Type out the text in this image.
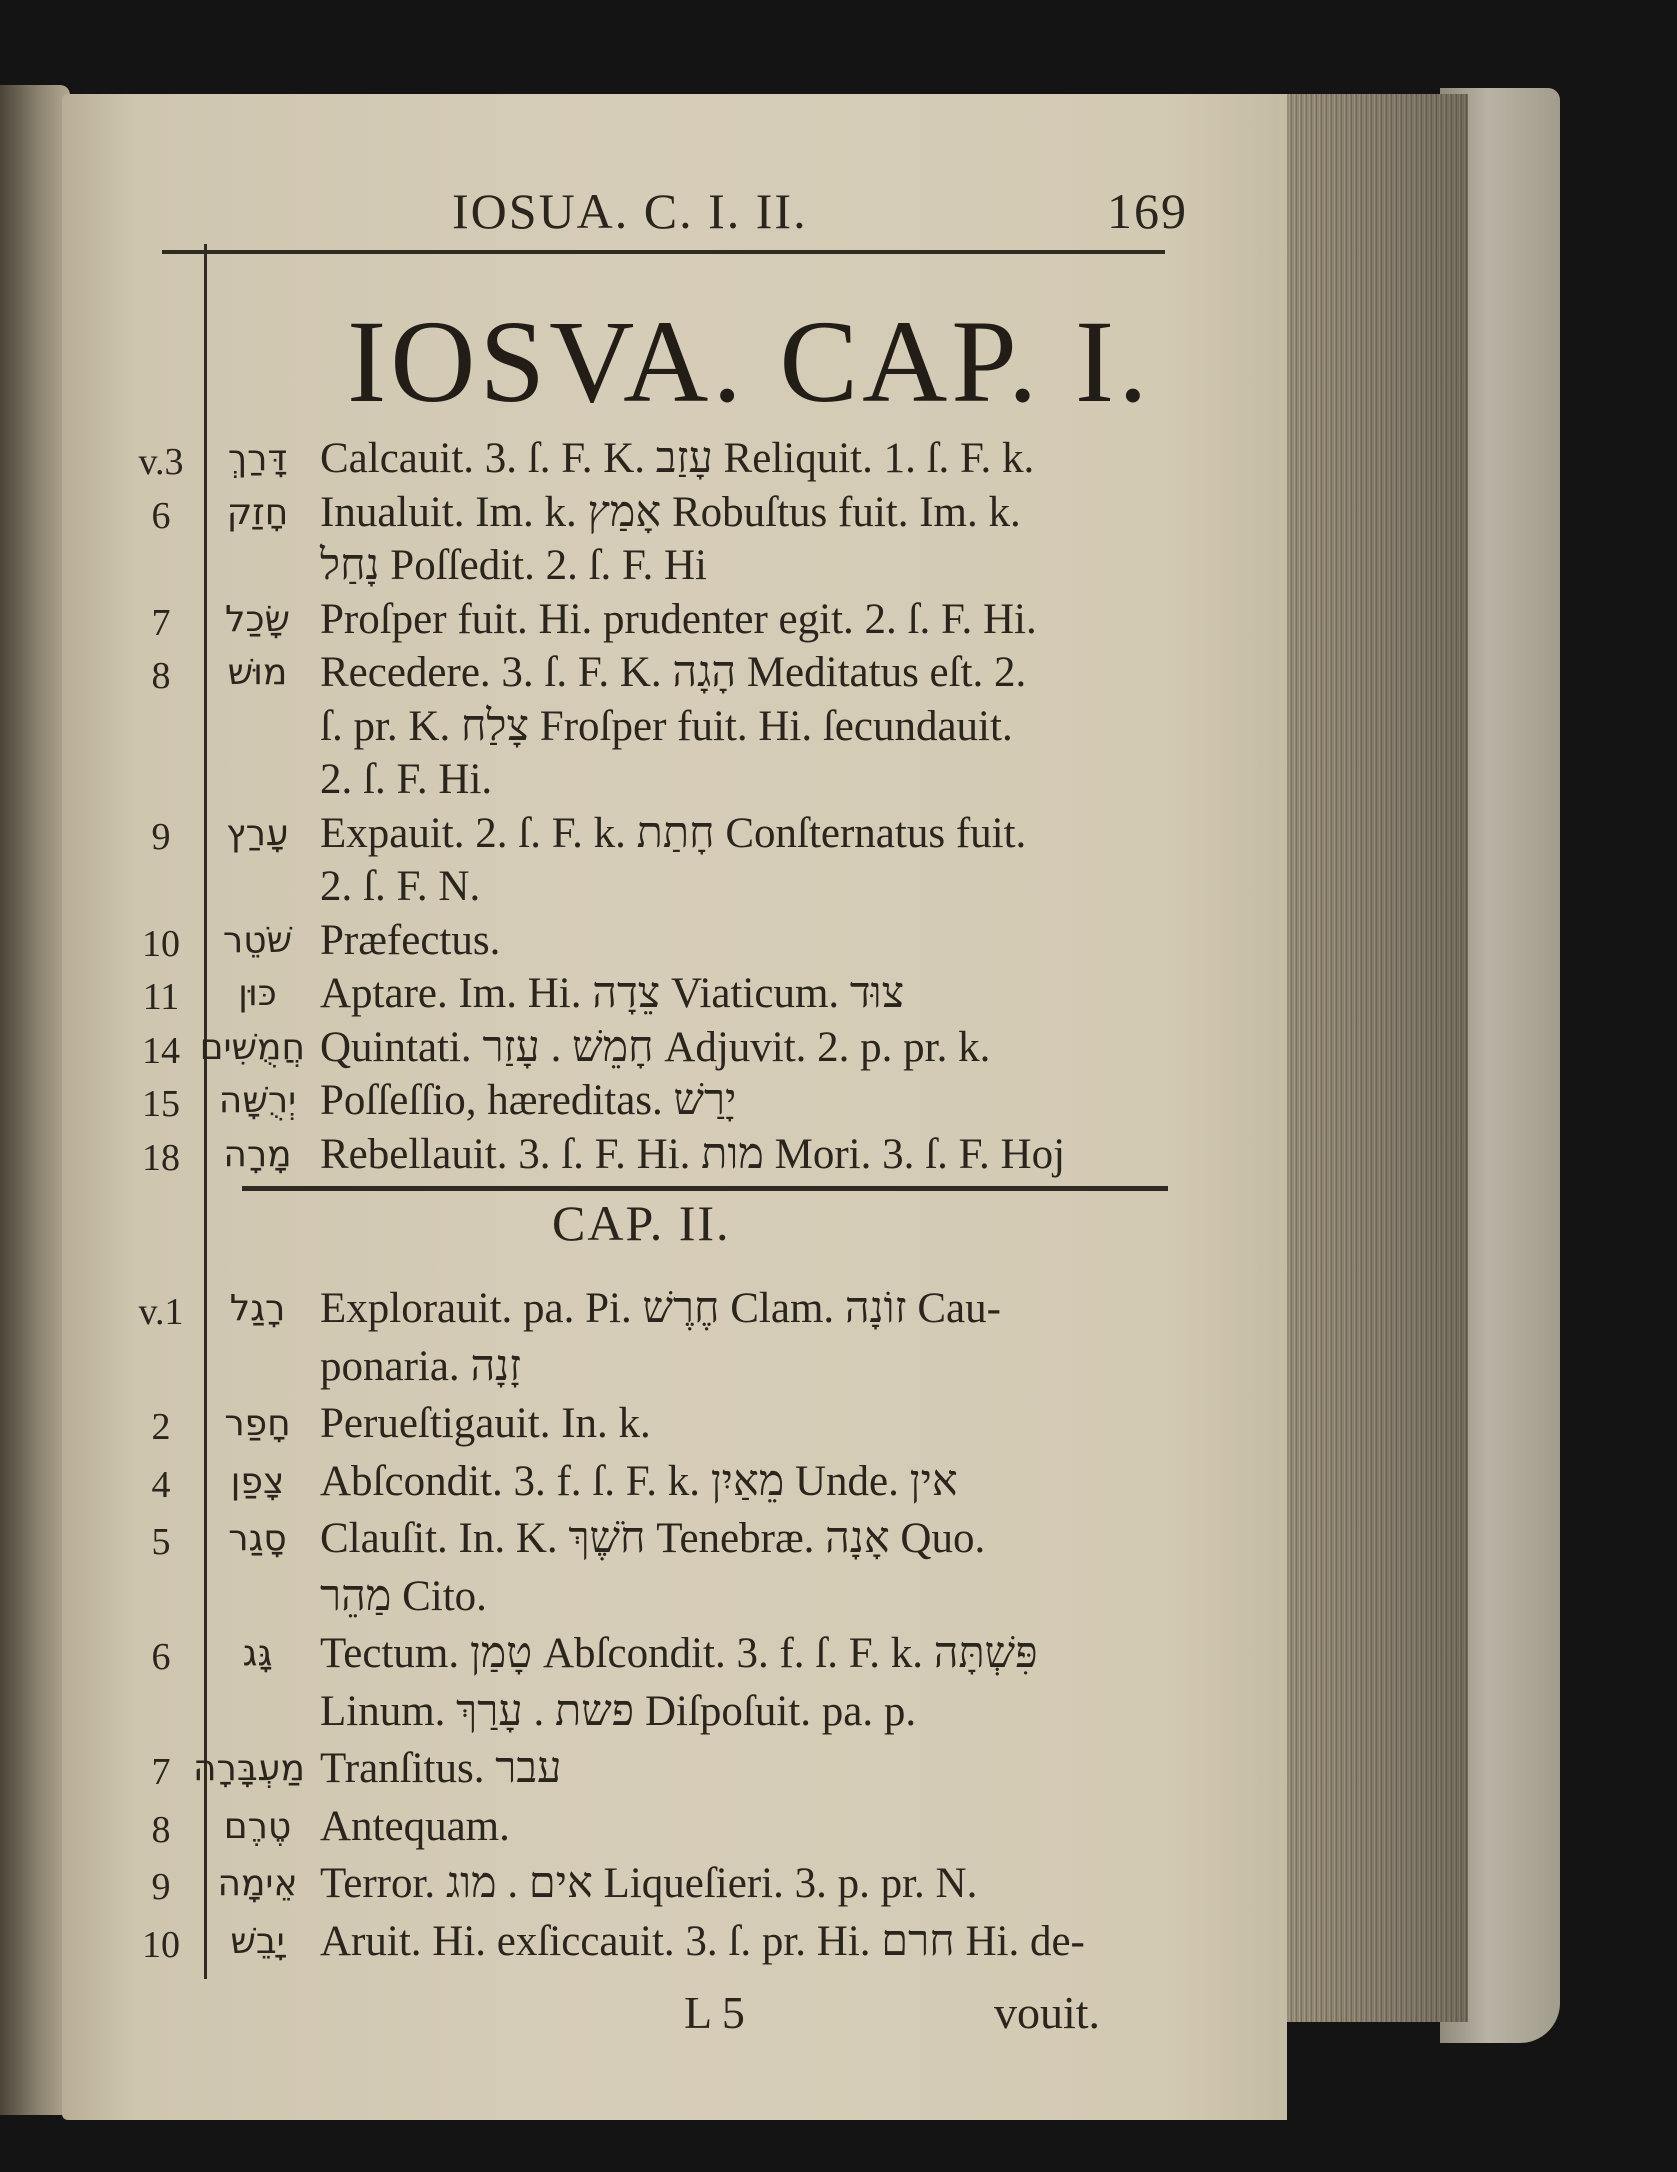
IOSUA. C. I. II.	169
IOSVA. CAP. I.
v.3	דָּרַךְ Calcauit. 3. ſ. F. K. עָזַב Reliquit. 1. ſ. F. k.
6	חָזַק Inualuit. Im. k. אָמַץ Robuſtus fuit. Im. k.
נָחַל Poſſedit. 2. ſ. F. Hi
7	שָׂכַל Proſper fuit. Hi. prudenter egit. 2. ſ. F. Hi.
8	מוּשׁ Recedere. 3. ſ. F. K. הָגָה Meditatus eſt. 2.
ſ. pr. K. צָלַח Froſper fuit. Hi. ſecundauit.
2. ſ. F. Hi.
9	עָרַץ Expauit. 2. ſ. F. k. חָתַת Conſternatus fuit.
2. ſ. F. N.
10	שֹׁטֵר Præfectus.
11	כּוּן	Aptare. Im. Hi. צֵדָה Viaticum. צוּד
14 חֲמֻשִׁים Quintati. חָמֵשׁ . עָזַר Adjuvit. 2. p. pr. k.
15	יְרֻשָּׁה Poſſeſſio, hæreditas. יָרַשׁ
18	מָרָה Rebellauit. 3. ſ. F. Hi. מות Mori. 3. ſ. F. Hoj
CAP. II.
v.1	רָגַל Explorauit. pa. Pi. חֶרֶשׁ Clam. זוֹנָה Cau-
ponaria. זָנָה
2	חָפַר Perueſtigauit. In. k.
4	צָפַן Abſcondit. 3. f. ſ. F. k. מֵאַיִן Unde. אין
5	סָגַר Clauſit. In. K. חֹשֶׁךְ Tenebræ. אָנָה Quo.
מַהֵר Cito.
6	גָּג	Tectum. טָמַן Abſcondit. 3. f. ſ. F. k. פִּשְׁתָּה
Linum. פשת . עָרַךְ Diſpoſuit. pa. p.
7 מַעְבָּרָה Tranſitus. עבר
8	טֶרֶם Antequam.
9	אֵימָה Terror. אים . מוג Liqueſieri. 3. p. pr. N.
10	יָבֵשׁ Aruit. Hi. exſiccauit. 3. ſ. pr. Hi. חרם Hi. de-
L 5	vouit.
